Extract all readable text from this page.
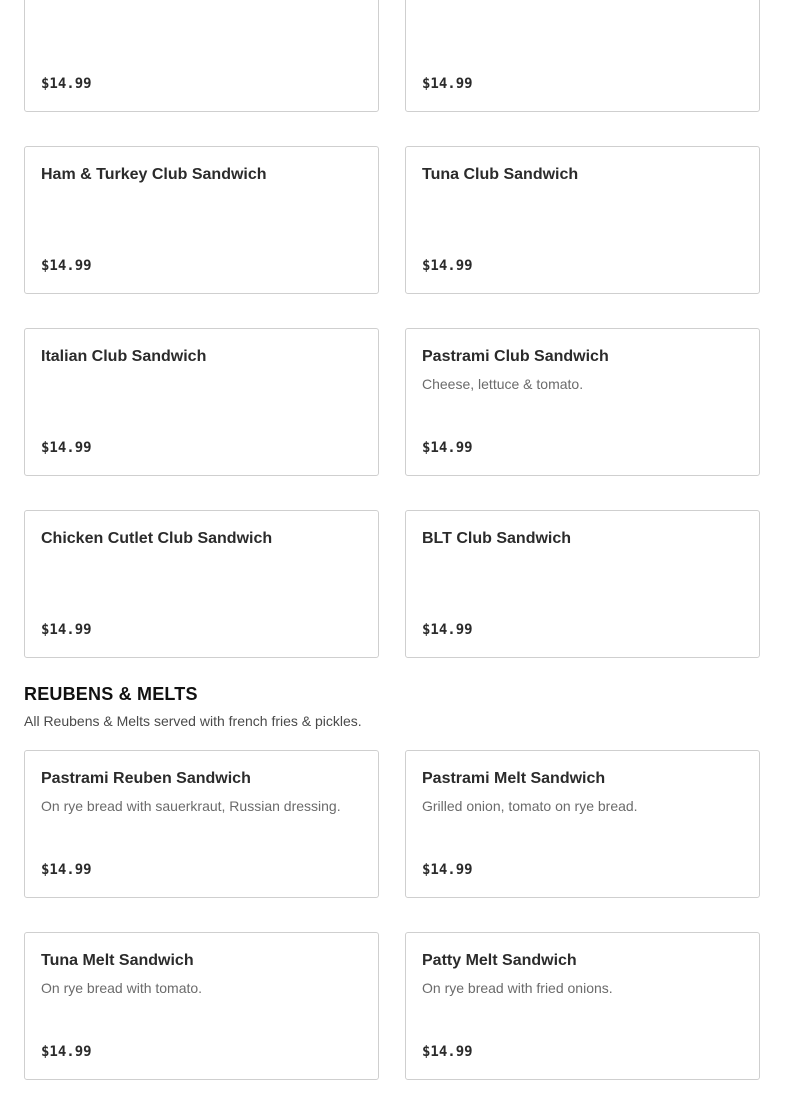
$14.99	$14.99
Ham & Turkey Club Sandwich
$14.99
Tuna Club Sandwich
$14.99
Italian Club Sandwich
$14.99
Pastrami Club Sandwich
Cheese, lettuce & tomato.
$14.99
Chicken Cutlet Club Sandwich
$14.99
BLT Club Sandwich
$14.99
REUBENS & MELTS

All Reubens & Melts served with french fries & pickles.

Pastrami Reuben Sandwich
On rye bread with sauerkraut, Russian dressing.
$14.99
Pastrami Melt Sandwich
Grilled onion, tomato on rye bread.
$14.99
Tuna Melt Sandwich
On rye bread with tomato.
$14.99
Patty Melt Sandwich
On rye bread with fried onions.
$14.99
